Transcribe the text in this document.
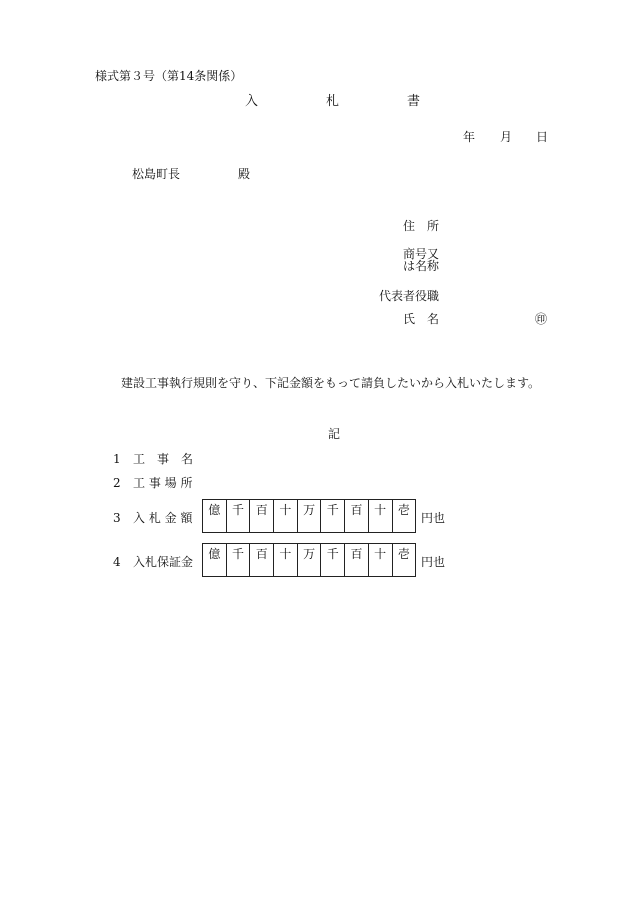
様式第３号（第14条関係）
入	札	書
年 月 日
松島町長	殿
住　所
商号又
は名称
代表者役職
氏　名	㊞
建設工事執行規則を守り、下記金額をもって請負したいから入札いたします。
記
1 工　事　名
2 工 事 場 所
3 入 札 金 額
億	千	百	十	万	千	百	十	壱
円也
4 入札保証金
億	千	百	十	万	千	百	十	壱
円也
